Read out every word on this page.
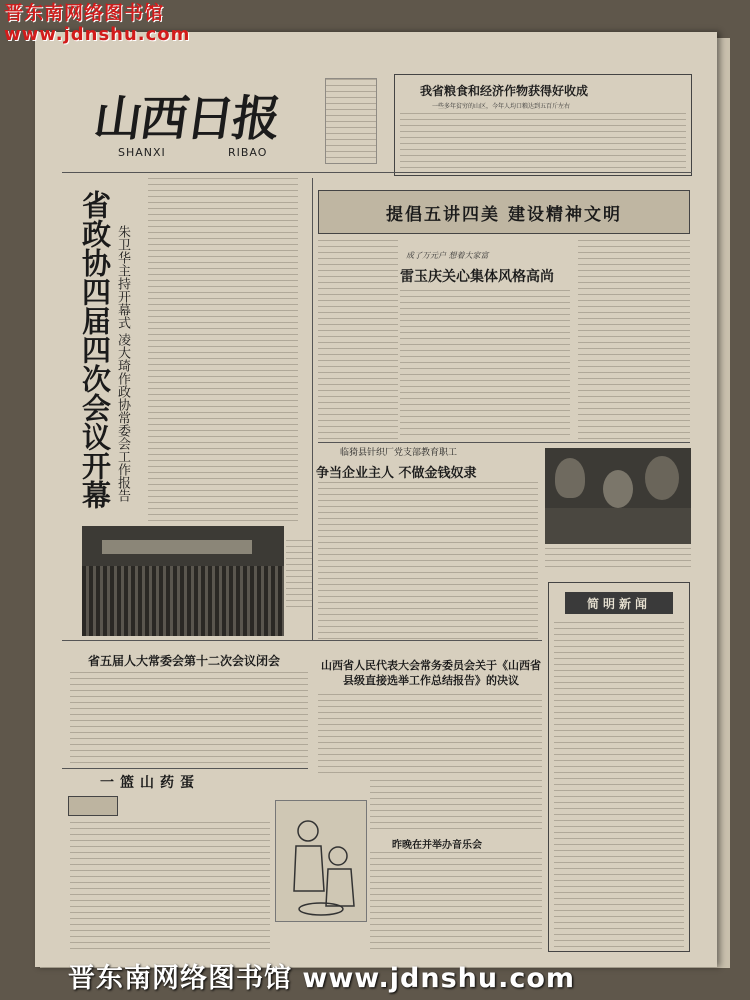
晋东南网络图书馆
www.jdnshu.com
山西日报
SHANXI	RIBAO
我省粮食和经济作物获得好收成
一些多年贫穷的山区，今年人均口粮达到五百斤左右
省政协四届四次会议开幕 朱卫华主持开幕式 凌大琦作政协常委会工作报告
提倡五讲四美 建设精神文明
成了万元户 想着大家富
雷玉庆关心集体风格高尚
临猗县针织厂党支部教育职工
争当企业主人 不做金钱奴隶
简明新闻
省五届人大常委会第十二次会议闭会	山西省人民代表大会常务委员会关于《山西省县级直接选举工作总结报告》的决议
一篮山药蛋
昨晚在并举办音乐会
晋东南网络图书馆 www.jdnshu.com
